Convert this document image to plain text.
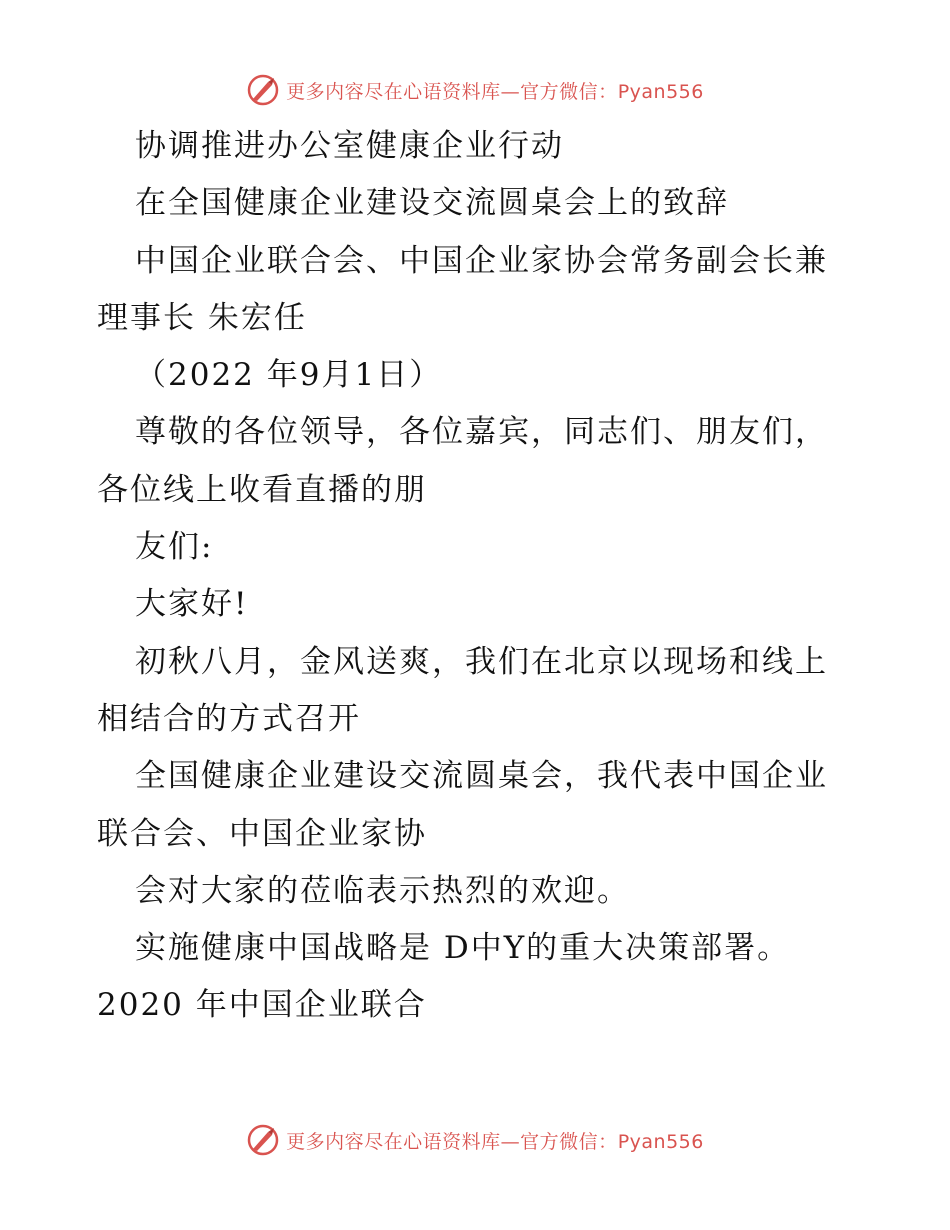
更多内容尽在心语资料库—官方微信：Pyan556
协调推进办公室健康企业行动
在全国健康企业建设交流圆桌会上的致辞
中国企业联合会、中国企业家协会常务副会长兼
理事长 朱宏任
（2022 年9月1日）
尊敬的各位领导，各位嘉宾，同志们、朋友们，
各位线上收看直播的朋
友们:
大家好!
初秋八月，金风送爽，我们在北京以现场和线上
相结合的方式召开
全国健康企业建设交流圆桌会，我代表中国企业
联合会、中国企业家协
会对大家的莅临表示热烈的欢迎。
实施健康中国战略是 D中Y的重大决策部署。
2020 年中国企业联合
更多内容尽在心语资料库—官方微信：Pyan556
